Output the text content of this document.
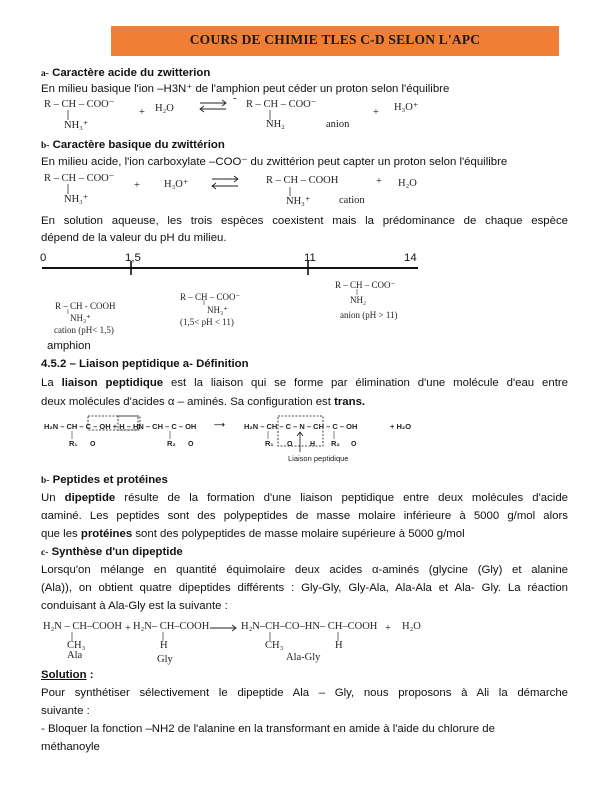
COURS DE CHIMIE TLES C-D SELON L'APC
a- Caractère acide du zwitterion
En milieu basique l'ion –H3N⁺ de l'amphion peut céder un proton selon l'équilibre
R – CH – COO⁻
NH₃⁺
+ H₂O
-
R – CH – COO⁻
NH₂	anion
+ H₃O⁺
b- Caractère basique du zwittérion
En milieu acide, l'ion carboxylate –COO⁻ du zwittérion peut capter un proton selon l'équilibre
R – CH – COO⁻
NH₃⁺
+ H₃O⁺	R – CH – COOH
NH₃⁺	cation
+ H₂O
En solution aqueuse, les trois espèces coexistent mais la prédominance de chaque espèce
dépend de la valeur du pH du milieu.
0	1,5	11	14
R – CH - COOH
NH₃⁺
cation (pH< 1,5)
R – CH – COO⁻
NH₃⁺
(1,5< pH < 11)
R – CH – COO⁻
NH₂
anion (pH > 11)
amphion
4.5.2 – Liaison peptidique a- Définition
La liaison peptidique est la liaison qui se forme par élimination d'une molécule d'eau entre
deux molécules d'acides α – aminés. Sa configuration est trans.
H₂N – CH – C – OH + H – HN – CH – C – OH
R₁	R₂
⟶	H₂N – CH – C – N – CH – C – OH
R₁	R₂
+ H₂O
Liaison peptidique
b- Peptides et protéines
Un dipeptide résulte de la formation d'une liaison peptidique entre deux molécules d'acide
αaminé. Les peptides sont des polypeptides de masse molaire inférieure à 5000 g/mol alors
que les protéines sont des polypeptides de masse molaire supérieure à 5000 g/mol
c- Synthèse d'un dipeptide
Lorsqu'on mélange en quantité équimolaire deux acides α-aminés (glycine (Gly) et alanine
(Ala)), on obtient quatre dipeptides différents : Gly-Gly, Gly-Ala, Ala-Ala et Ala- Gly. La réaction
conduisant à Ala-Gly est la suivante :
H₂N – CH–COOH
CH₃
Ala
+ H₂N– CH–COOH
H
Gly
H₂N–CH–CO–HN– CH–COOH
CH₃	H
Ala-Gly
+ H₂O
Solution :
Pour synthétiser sélectivement le dipeptide Ala – Gly, nous proposons à Ali la démarche
suivante :
- Bloquer la fonction –NH2 de l'alanine en la transformant en amide à l'aide du chlorure de
méthanoyle
O	O	O	H	O
